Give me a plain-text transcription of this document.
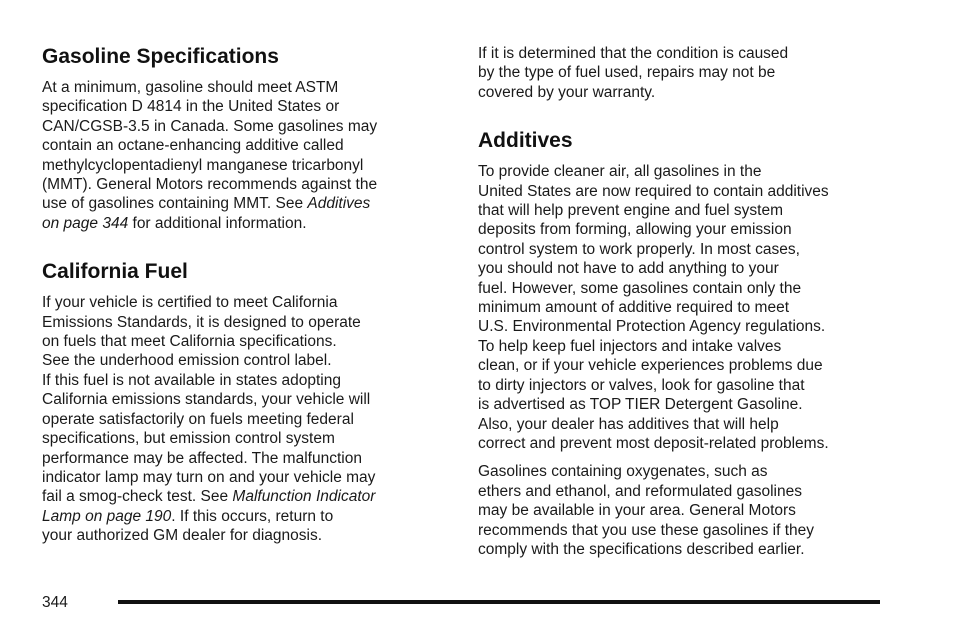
Gasoline Specifications

At a minimum, gasoline should meet ASTM
specification D 4814 in the United States or
CAN/CGSB-3.5 in Canada. Some gasolines may
contain an octane-enhancing additive called
methylcyclopentadienyl manganese tricarbonyl
(MMT). General Motors recommends against the
use of gasolines containing MMT. See Additives
on page 344 for additional information.

California Fuel

If your vehicle is certified to meet California
Emissions Standards, it is designed to operate
on fuels that meet California specifications.
See the underhood emission control label.
If this fuel is not available in states adopting
California emissions standards, your vehicle will
operate satisfactorily on fuels meeting federal
specifications, but emission control system
performance may be affected. The malfunction
indicator lamp may turn on and your vehicle may
fail a smog-check test. See Malfunction Indicator
Lamp on page 190. If this occurs, return to
your authorized GM dealer for diagnosis.

If it is determined that the condition is caused
by the type of fuel used, repairs may not be
covered by your warranty.

Additives

To provide cleaner air, all gasolines in the
United States are now required to contain additives
that will help prevent engine and fuel system
deposits from forming, allowing your emission
control system to work properly. In most cases,
you should not have to add anything to your
fuel. However, some gasolines contain only the
minimum amount of additive required to meet
U.S. Environmental Protection Agency regulations.
To help keep fuel injectors and intake valves
clean, or if your vehicle experiences problems due
to dirty injectors or valves, look for gasoline that
is advertised as TOP TIER Detergent Gasoline.
Also, your dealer has additives that will help
correct and prevent most deposit-related problems.

Gasolines containing oxygenates, such as
ethers and ethanol, and reformulated gasolines
may be available in your area. General Motors
recommends that you use these gasolines if they
comply with the specifications described earlier.

344
